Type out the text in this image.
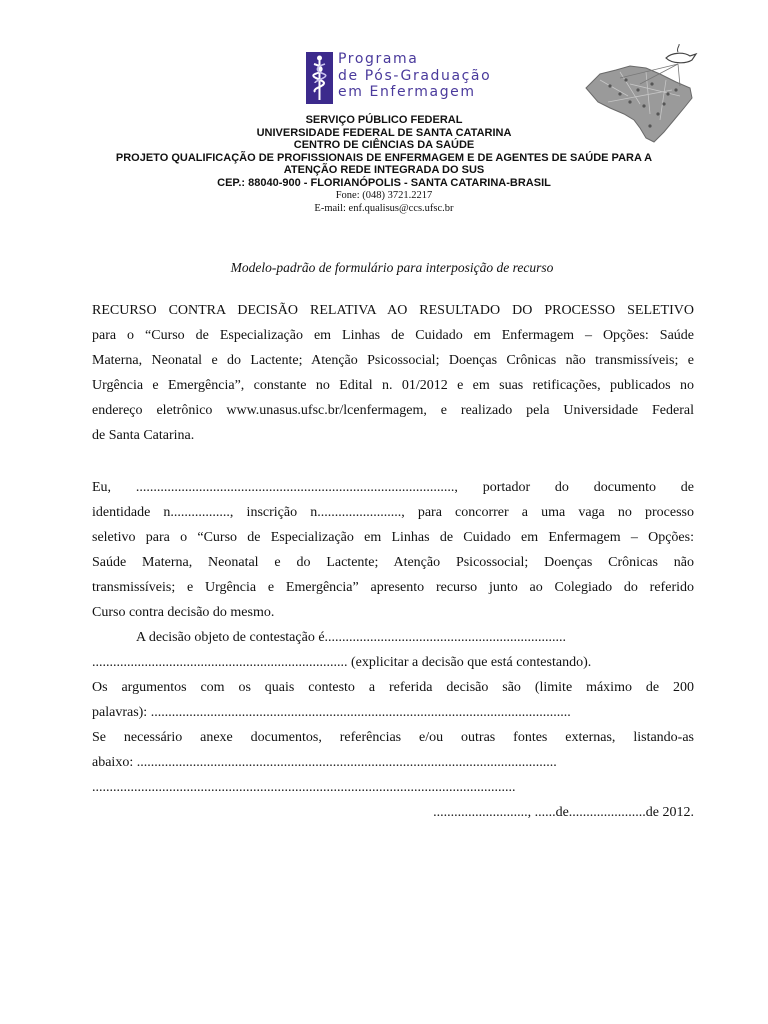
Programa
de Pós-Graduação
em Enfermagem
SERVIÇO PÚBLICO FEDERAL
UNIVERSIDADE FEDERAL DE SANTA CATARINA
CENTRO DE CIÊNCIAS DA SAÚDE
PROJETO QUALIFICAÇÃO DE PROFISSIONAIS DE ENFERMAGEM E DE AGENTES DE SAÚDE PARA A
ATENÇÃO REDE INTEGRADA DO SUS
CEP.: 88040-900 - FLORIANÓPOLIS - SANTA CATARINA-BRASIL
Fone: (048) 3721.2217
E-mail: enf.qualisus@ccs.ufsc.br
Modelo-padrão de formulário para interposição de recurso
RECURSO CONTRA DECISÃO RELATIVA AO RESULTADO DO PROCESSO SELETIVO
para o “Curso de Especialização em Linhas de Cuidado em Enfermagem – Opções: Saúde
Materna, Neonatal e do Lactente; Atenção Psicossocial; Doenças Crônicas não transmissíveis; e
Urgência e Emergência”, constante no Edital n. 01/2012 e em suas retificações, publicados no
endereço eletrônico www.unasus.ufsc.br/lcenfermagem, e realizado pela Universidade Federal
de Santa Catarina.
Eu, ..........................................................................................., portador do documento de
identidade n................., inscrição n........................, para concorrer a uma vaga no processo
seletivo para o “Curso de Especialização em Linhas de Cuidado em Enfermagem – Opções:
Saúde Materna, Neonatal e do Lactente; Atenção Psicossocial; Doenças Crônicas não
transmissíveis; e Urgência e Emergência” apresento recurso junto ao Colegiado do referido
Curso contra decisão do mesmo.
A decisão objeto de contestação é.....................................................................
......................................................................... (explicitar a decisão que está contestando).
Os argumentos com os quais contesto a referida decisão são (limite máximo de 200
palavras): ........................................................................................................................
Se necessário anexe documentos, referências e/ou outras fontes externas, listando-as
abaixo: ........................................................................................................................
.........................................................................................................................
..........................., ......de......................de 2012.
